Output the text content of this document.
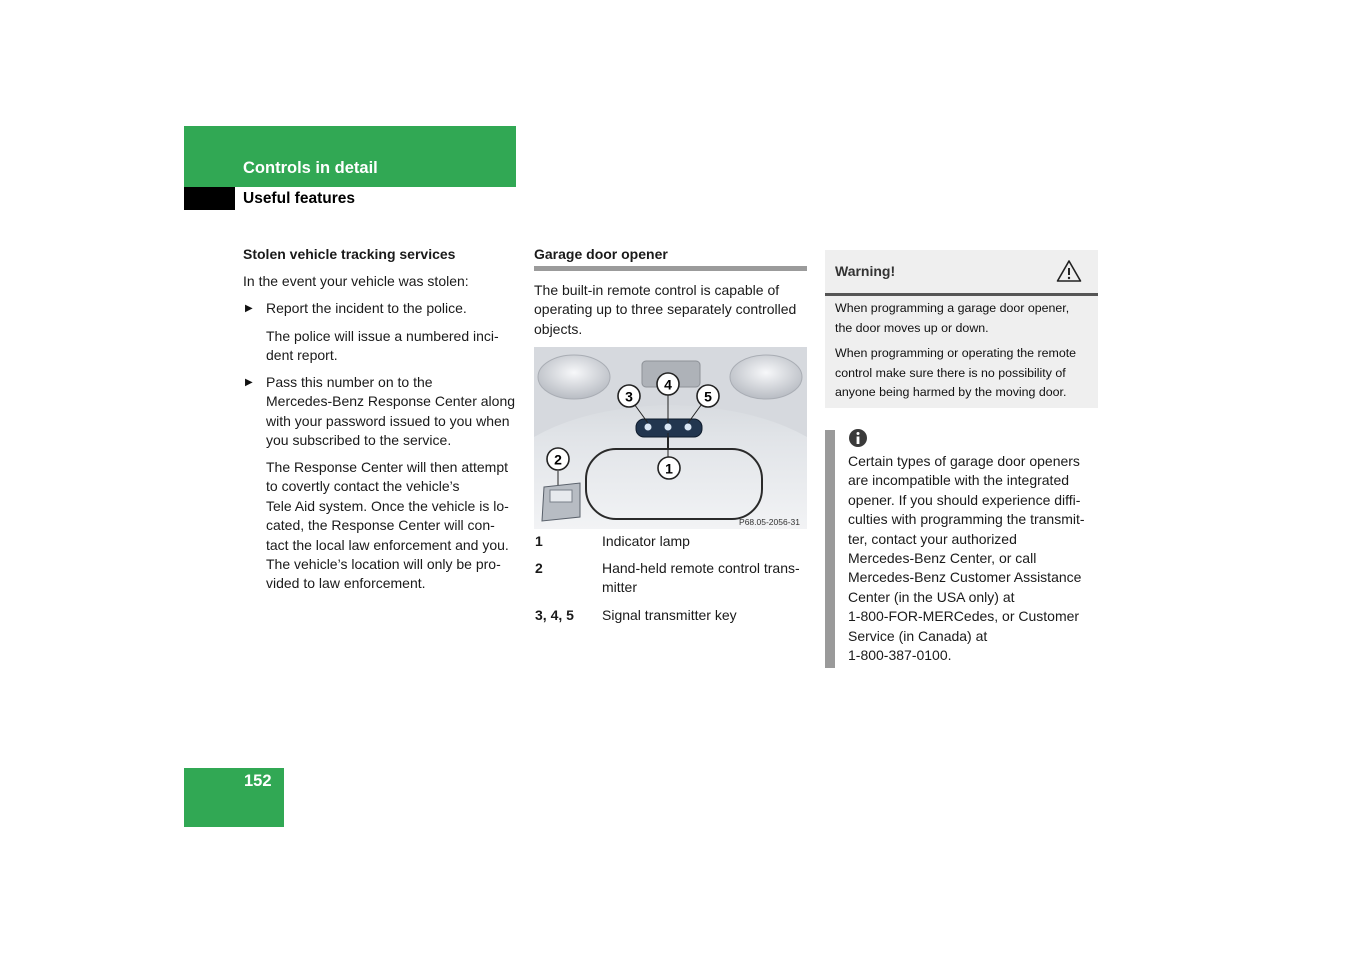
Controls in detail
Useful features
Stolen vehicle tracking services
In the event your vehicle was stolen:
▶ Report the incident to the police.
The police will issue a numbered inci-
dent report.
▶ Pass this number on to the
Mercedes-Benz Response Center along
with your password issued to you when
you subscribed to the service.
The Response Center will then attempt
to covertly contact the vehicle’s
Tele Aid system. Once the vehicle is lo-
cated, the Response Center will con-
tact the local law enforcement and you.
The vehicle’s location will only be pro-
vided to law enforcement.
Garage door opener
The built-in remote control is capable of
operating up to three separately controlled
objects.
3
4
5
1
2
P68.05-2056-31
1	Indicator lamp
2	Hand-held remote control trans-
mitter
3, 4, 5 Signal transmitter key
Warning!
When programming a garage door opener,
the door moves up or down.
When programming or operating the remote
control make sure there is no possibility of
anyone being harmed by the moving door.
Certain types of garage door openers
are incompatible with the integrated
opener. If you should experience diffi-
culties with programming the transmit-
ter, contact your authorized
Mercedes-Benz Center, or call
Mercedes-Benz Customer Assistance
Center (in the USA only) at
1-800-FOR-MERCedes, or Customer
Service (in Canada) at
1-800-387-0100.
152
